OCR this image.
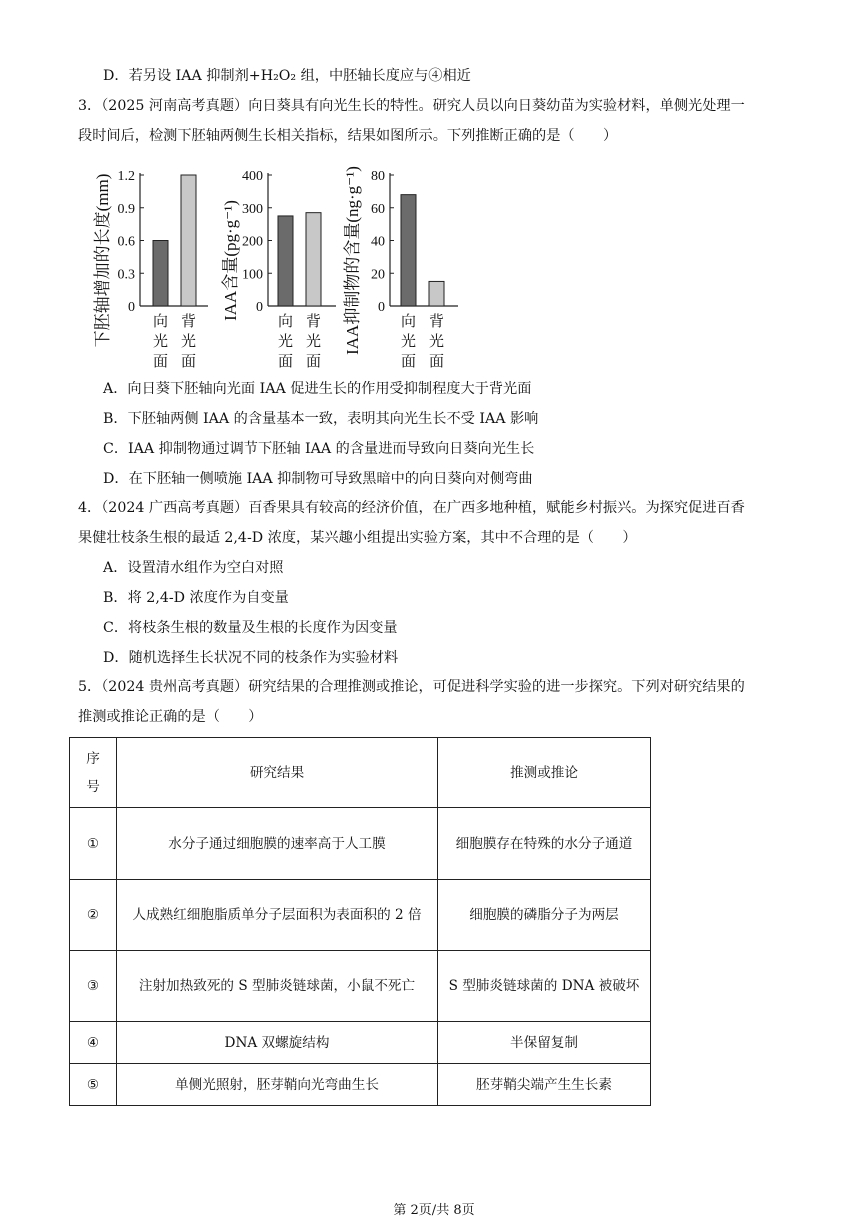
D．若另设 IAA 抑制剂+H₂O₂ 组，中胚轴长度应与④相近
3．（2025 河南高考真题）向日葵具有向光生长的特性。研究人员以向日葵幼苗为实验材料，单侧光处理一
段时间后，检测下胚轴两侧生长相关指标，结果如图所示。下列推断正确的是（　　）
0
0.3
0.6
0.9
1.2
向
光
面
背
光
面
下胚轴增加的长度(mm)	0
100
200
300
400
向
光
面
背
光
面
IAA含量(pg·g⁻¹)	0
20
40
60
80
向
光
面
背
光
面
IAA抑制物的含量(ng·g⁻¹)
A．向日葵下胚轴向光面 IAA 促进生长的作用受抑制程度大于背光面
B．下胚轴两侧 IAA 的含量基本一致，表明其向光生长不受 IAA 影响
C．IAA 抑制物通过调节下胚轴 IAA 的含量进而导致向日葵向光生长
D．在下胚轴一侧喷施 IAA 抑制物可导致黑暗中的向日葵向对侧弯曲
4．（2024 广西高考真题）百香果具有较高的经济价值，在广西多地种植，赋能乡村振兴。为探究促进百香
果健壮枝条生根的最适 2,4-D 浓度，某兴趣小组提出实验方案，其中不合理的是（　　）
A．设置清水组作为空白对照
B．将 2,4-D 浓度作为自变量
C．将枝条生根的数量及生根的长度作为因变量
D．随机选择生长状况不同的枝条作为实验材料
5．（2024 贵州高考真题）研究结果的合理推测或推论，可促进科学实验的进一步探究。下列对研究结果的
推测或推论正确的是（　　）
序
号	研究结果	推测或推论
①	水分子通过细胞膜的速率高于人工膜	细胞膜存在特殊的水分子通道
②	人成熟红细胞脂质单分子层面积为表面积的 2 倍	细胞膜的磷脂分子为两层
③	注射加热致死的 S 型肺炎链球菌，小鼠不死亡	S 型肺炎链球菌的 DNA 被破坏
④	DNA 双螺旋结构	半保留复制
⑤	单侧光照射，胚芽鞘向光弯曲生长	胚芽鞘尖端产生生长素
第 2页/共 8页
